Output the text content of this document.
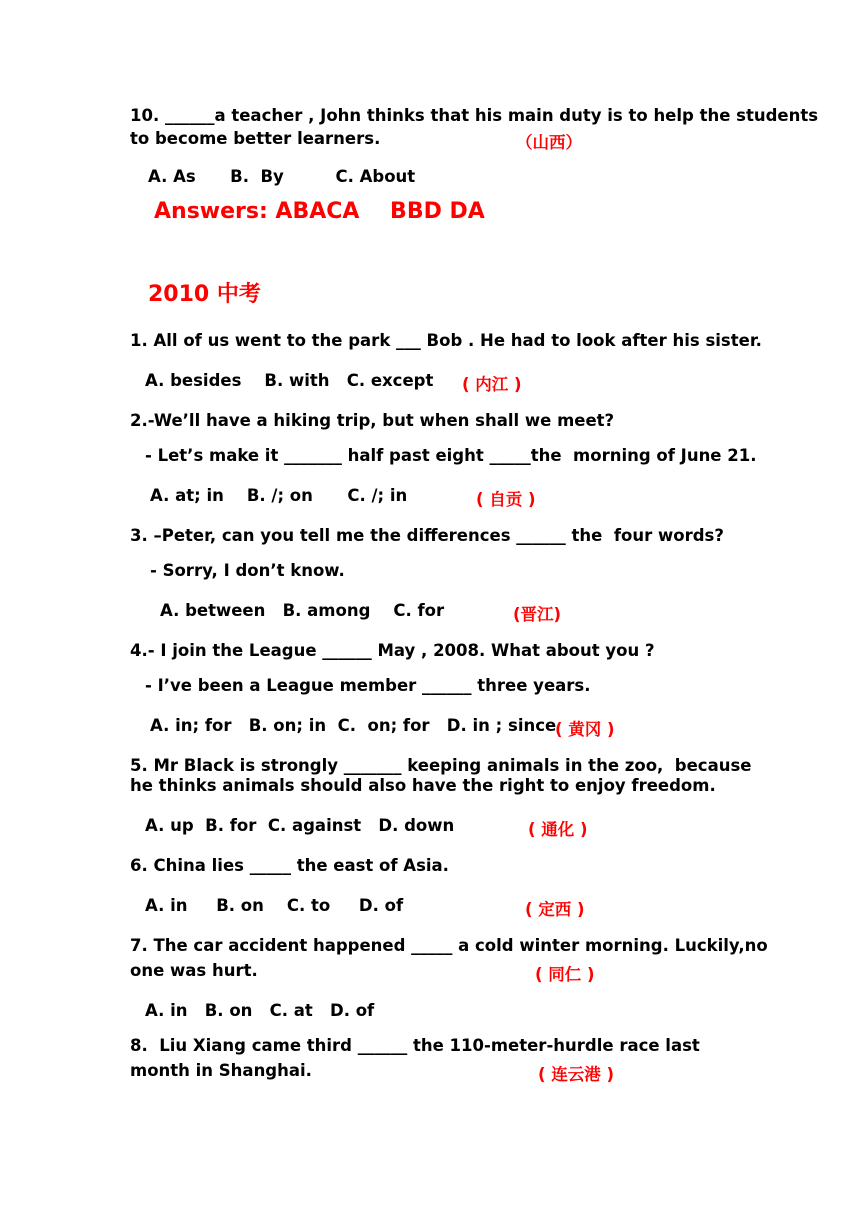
10. ______a teacher , John thinks that his main duty is to help the students
to become better learners.	（山西）
A. As      B.  By         C. About
Answers: ABACA    BBD DA
2010 中考
1. All of us went to the park ___ Bob . He had to look after his sister.
A. besides    B. with   C. except ( 内江 )
2.-We’ll have a hiking trip, but when shall we meet?
- Let’s make it _______ half past eight _____the  morning of June 21.
A. at; in    B. /; on      C. /; in	( 自贡 )
3. –Peter, can you tell me the differences ______ the  four words?
- Sorry, I don’t know.
A. between   B. among    C. for	(晋江)
4.- I join the League ______ May , 2008. What about you ?
- I’ve been a League member ______ three years.
A. in; for   B. on; in  C.  on; for   D. in ; since
( 黄冈 )
5. Mr Black is strongly _______ keeping animals in the zoo,  because
he thinks animals should also have the right to enjoy freedom.
A. up  B. for  C. against   D. down	( 通化 )
6. China lies _____ the east of Asia.
A. in     B. on    C. to     D. of	( 定西 )
7. The car accident happened _____ a cold winter morning. Luckily,no
one was hurt.	( 同仁 )
A. in   B. on   C. at   D. of
8.  Liu Xiang came third ______ the 110-meter-hurdle race last
month in Shanghai.	( 连云港 )
